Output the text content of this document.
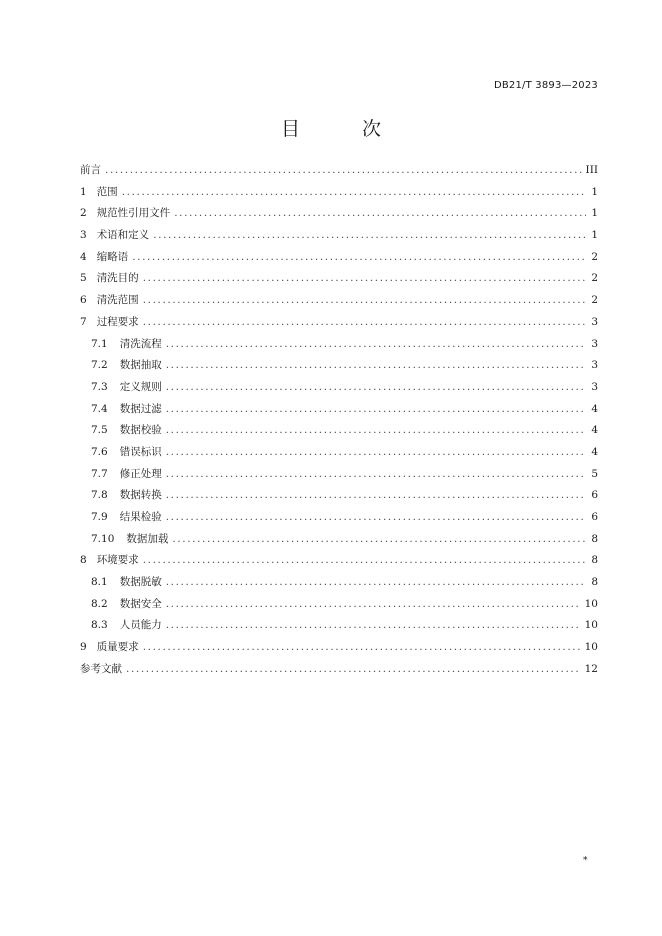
DB21/T 3893—2023
目 次
前言 .....	III
1 范围 .....	1
2 规范性引用文件 .....	1
3 术语和定义 .....	1
4 缩略语 .....	2
5 清洗目的 .....	2
6 清洗范围 .....	2
7 过程要求 .....	3
7.1 清洗流程 .....	3
7.2 数据抽取 .....	3
7.3 定义规则 .....	3
7.4 数据过滤 .....	4
7.5 数据校验 .....	4
7.6 错误标识 .....	4
7.7 修正处理 .....	5
7.8 数据转换 .....	6
7.9 结果检验 .....	6
7.10 数据加载 .....	8
8 环境要求 .....	8
8.1 数据脱敏 .....	8
8.2 数据安全 .....	10
8.3 人员能力 .....	10
9 质量要求 .....	10
参考文献 .....	12
*
